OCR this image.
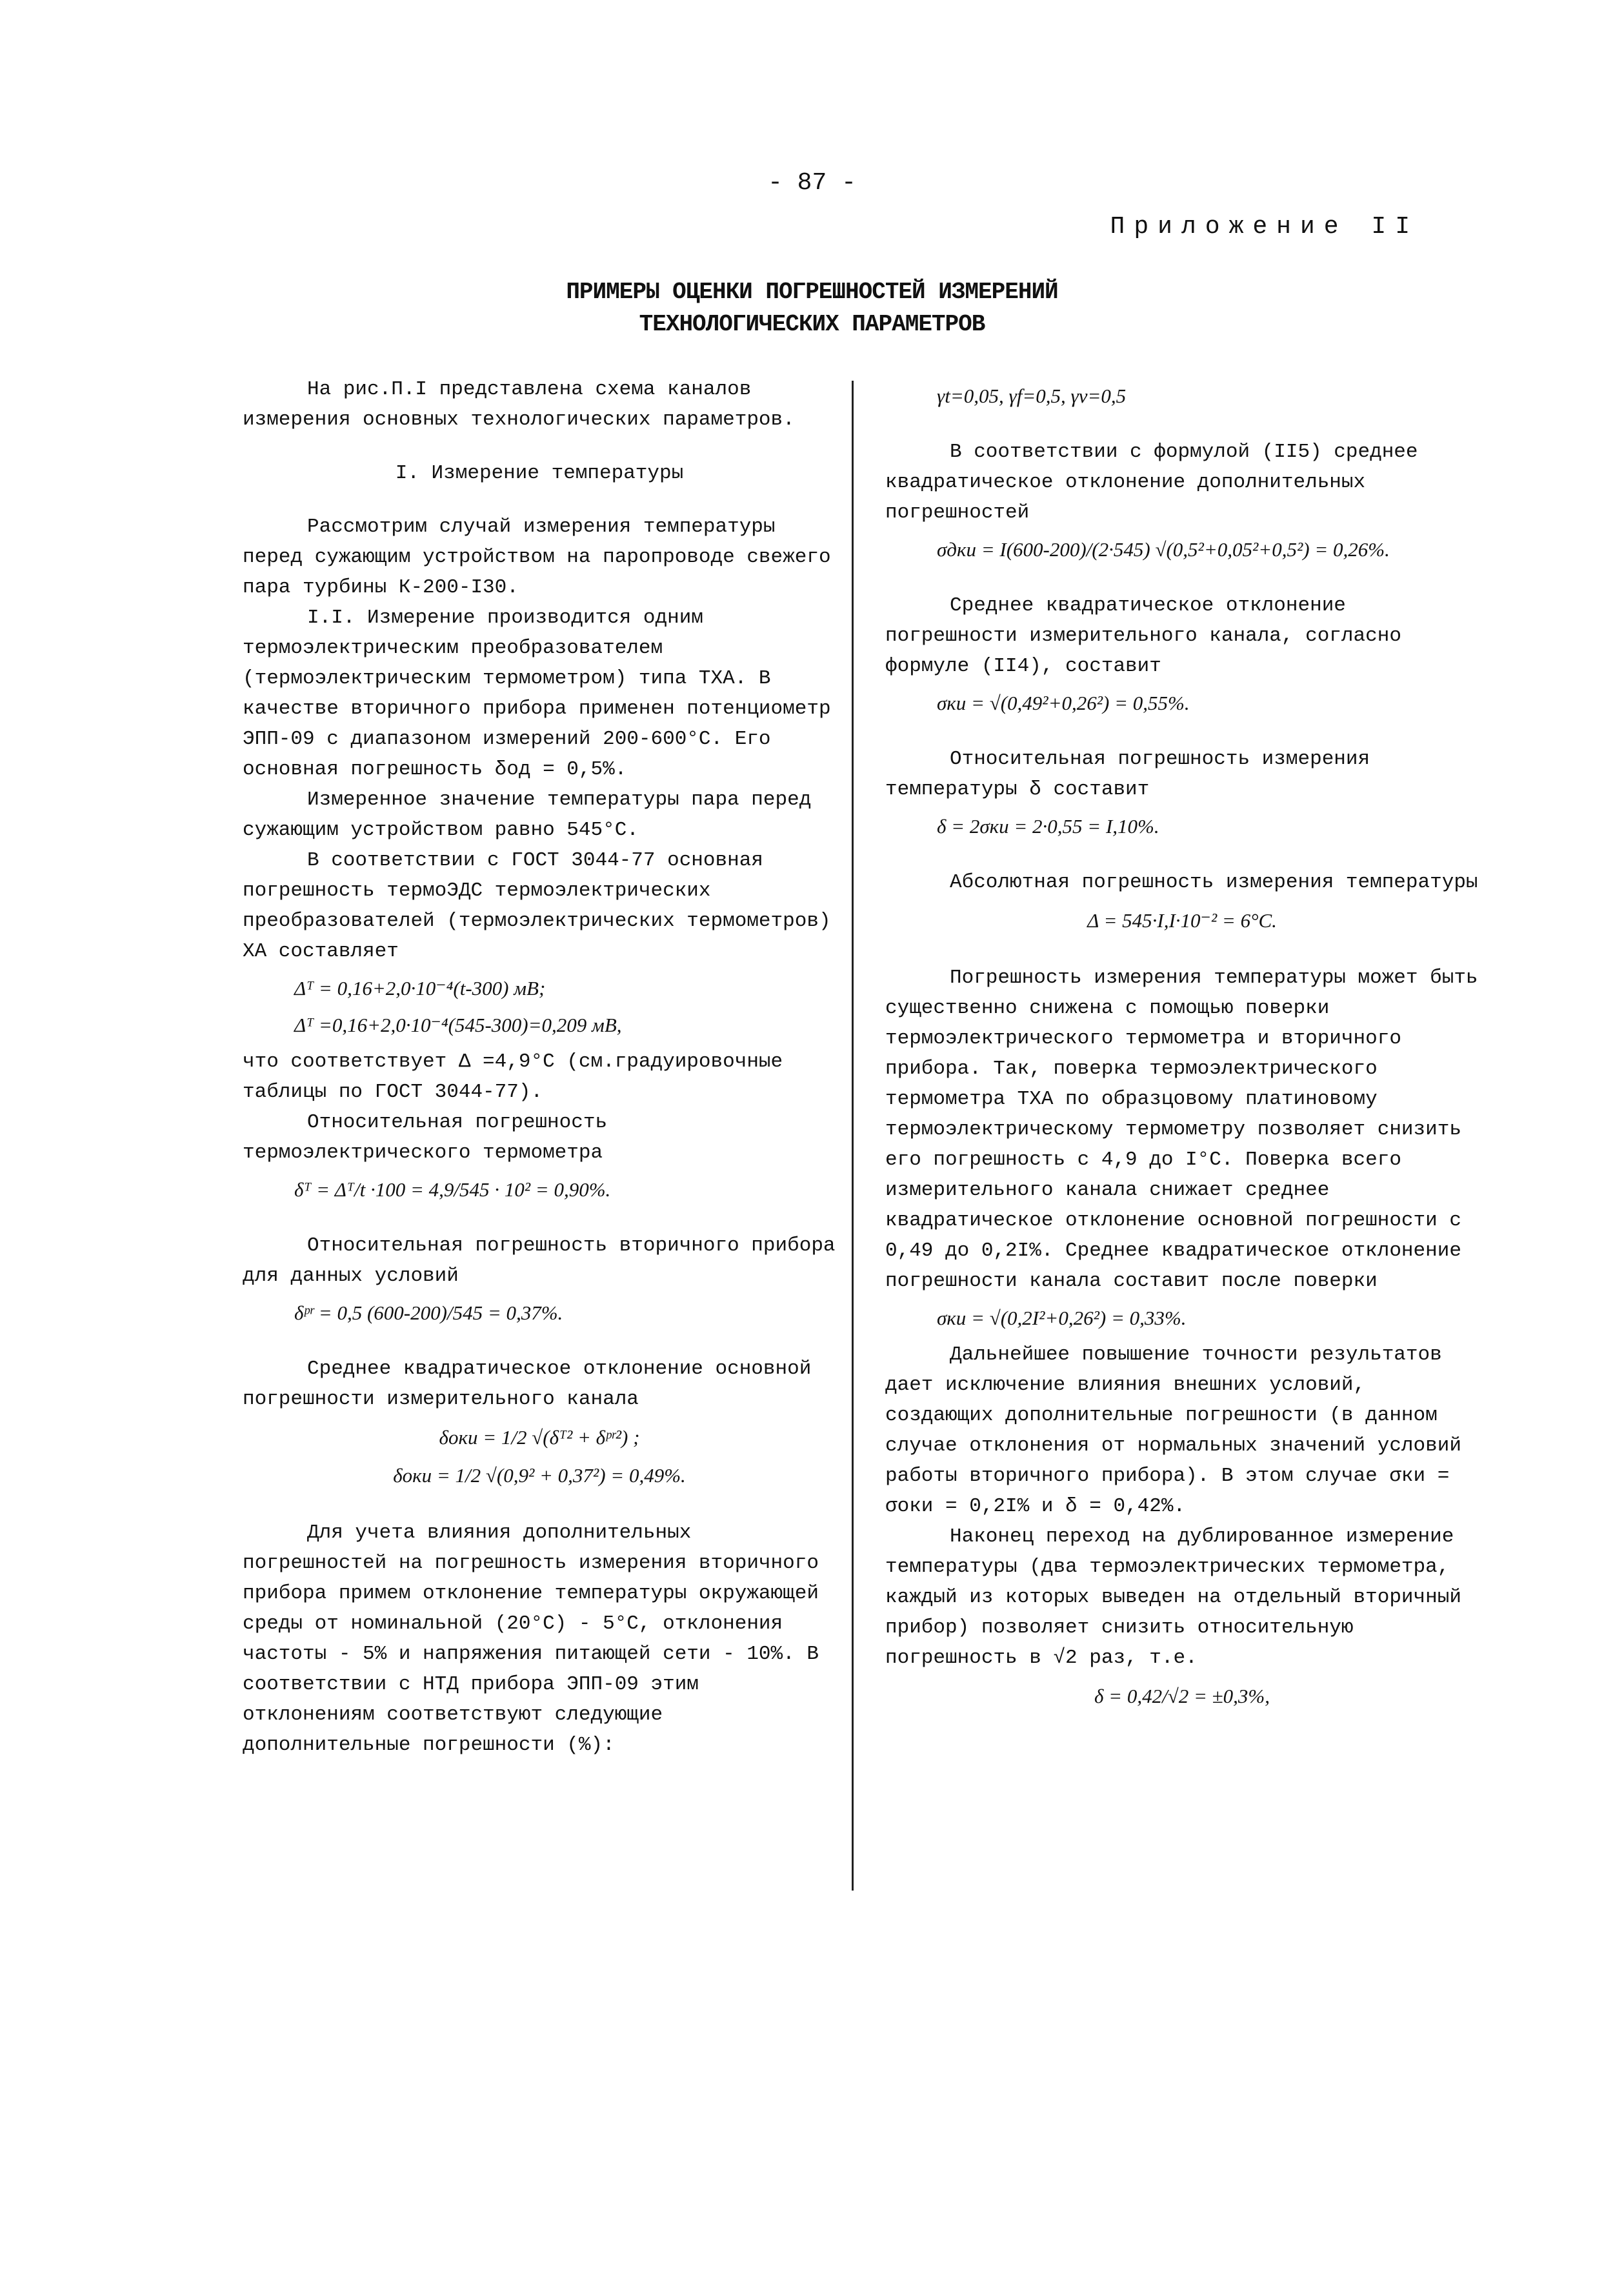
- 87 -
Приложение II
ПРИМЕРЫ ОЦЕНКИ ПОГРЕШНОСТЕЙ ИЗМЕРЕНИЙ
ТЕХНОЛОГИЧЕСКИХ ПАРАМЕТРОВ

На рис.П.I представлена схема каналов измерения основных технологических параметров.

I. Измерение температуры

Рассмотрим случай измерения температуры перед сужающим устройством на паропроводе свежего пара турбины К-200-I30.

I.I. Измерение производится одним термоэлектрическим преобразователем (термоэлектрическим термометром) типа ТХА. В качестве вторичного прибора применен потенциометр ЭПП-09 с диапазоном измерений 200-600°С. Его основная погрешность δод = 0,5%.

Измеренное значение температуры пара перед сужающим устройством равно 545°С.

В соответствии с ГОСТ 3044-77 основная погрешность термоЭДС термоэлектрических преобразователей (термоэлектрических термометров) ХА составляет

Δᵀ = 0,16+2,0·10⁻⁴(t-300) мВ;
Δᵀ =0,16+2,0·10⁻⁴(545-300)=0,209 мВ,

что соответствует Δ =4,9°С (см.градуировочные таблицы по ГОСТ 3044-77).

Относительная погрешность термоэлектрического термометра

δᵀ = Δᵀ/t ·100 = 4,9/545 · 10² = 0,90%.

Относительная погрешность вторичного прибора для данных условий

δᵖʳ = 0,5 (600-200)/545 = 0,37%.

Среднее квадратическое отклонение основной погрешности измерительного канала

δоки = 1/2 √(δᵀ² + δᵖʳ²) ;
δоки = 1/2 √(0,9² + 0,37²) = 0,49%.

Для учета влияния дополнительных погрешностей на погрешность измерения вторичного прибора примем отклонение температуры окружающей среды от номинальной (20°С) - 5°С, отклонения частоты - 5% и напряжения питающей сети - 10%. В соответствии с НТД прибора ЭПП-09 этим отклонениям соответствуют следующие дополнительные погрешности (%):

γt=0,05, γf=0,5, γv=0,5

В соответствии с формулой (II5) среднее квадратическое отклонение дополнительных погрешностей

σдки = I(600-200)/(2·545) √(0,5²+0,05²+0,5²) = 0,26%.

Среднее квадратическое отклонение погрешности измерительного канала, согласно формуле (II4), составит

σки = √(0,49²+0,26²) = 0,55%.

Относительная погрешность измерения температуры δ составит

δ = 2σки = 2·0,55 = I,10%.

Абсолютная погрешность измерения температуры

Δ = 545·I,I·10⁻² = 6°С.

Погрешность измерения температуры может быть существенно снижена с помощью поверки термоэлектрического термометра и вторичного прибора. Так, поверка термоэлектрического термометра ТХА по образцовому платиновому термоэлектрическому термометру позволяет снизить его погрешность с 4,9 до I°С. Поверка всего измерительного канала снижает среднее квадратическое отклонение основной погрешности с 0,49 до 0,2I%. Среднее квадратическое отклонение погрешности канала составит после поверки

σки = √(0,2I²+0,26²) = 0,33%.

Дальнейшее повышение точности результатов дает исключение влияния внешних условий, создающих дополнительные погрешности (в данном случае отклонения от нормальных значений условий работы вторичного прибора). В этом случае σки = σоки = 0,2I% и δ = 0,42%.

Наконец переход на дублированное измерение температуры (два термоэлектрических термометра, каждый из которых выведен на отдельный вторичный прибор) позволяет снизить относительную погрешность в √2 раз, т.е.

δ = 0,42/√2 = ±0,3%,
